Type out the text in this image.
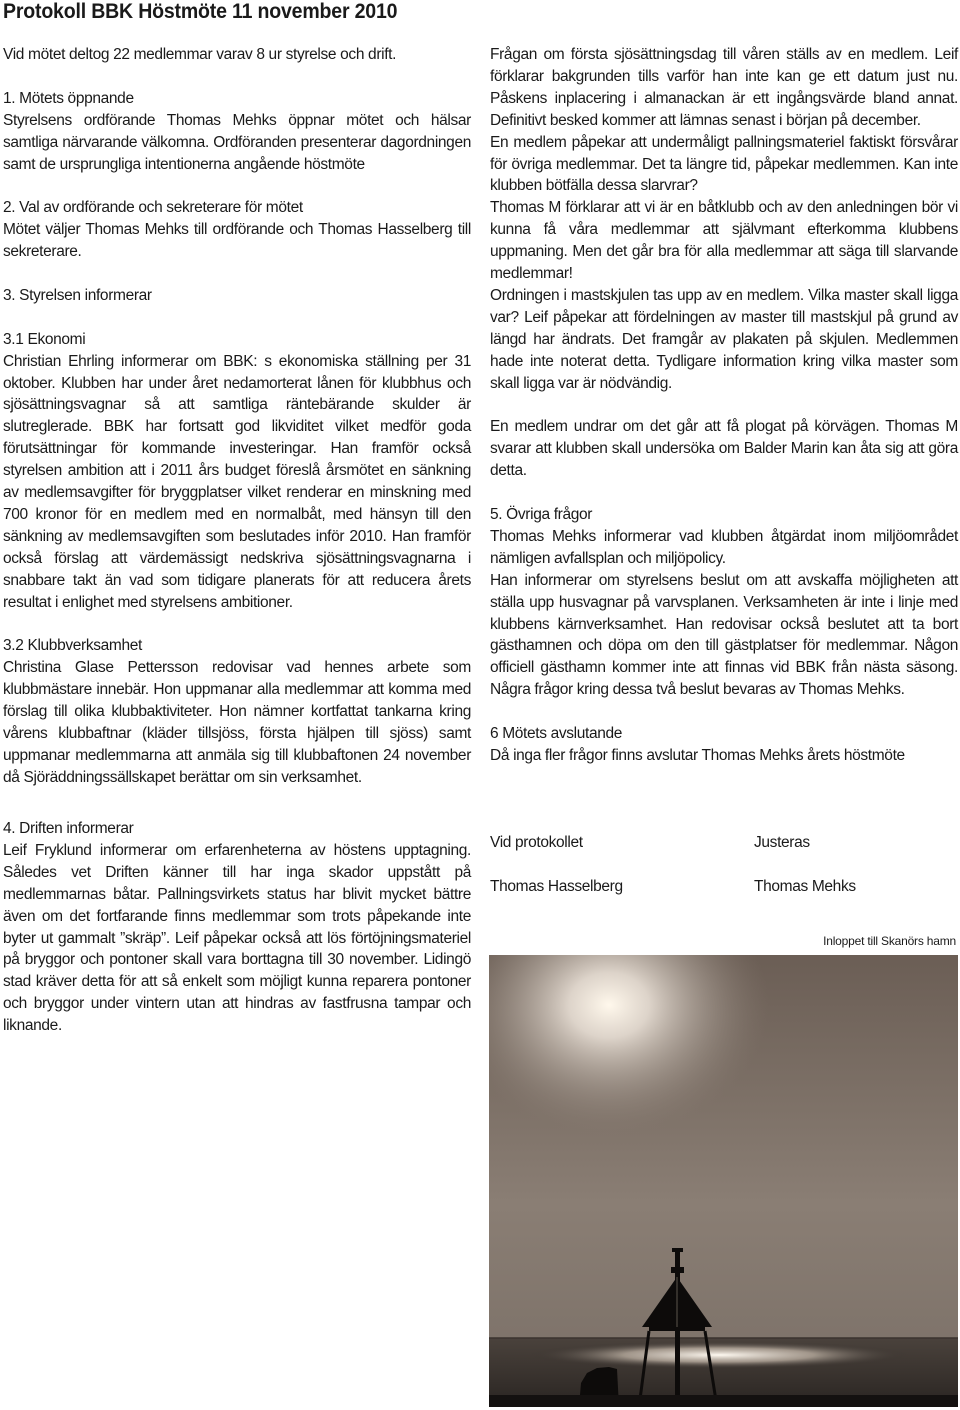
Protokoll BBK Höstmöte 11 november 2010

Vid mötet deltog 22 medlemmar varav 8 ur styrelse och drift.

1. Mötets öppnande

Styrelsens ordförande Thomas Mehks öppnar mötet och hälsar samtliga närvarande välkomna. Ordföranden presenterar dagordningen samt de ursprungliga intentionerna angående höstmöte

2. Val av ordförande och sekreterare för mötet

Mötet väljer Thomas Mehks till ordförande och Thomas Hasselberg till sekreterare.

3. Styrelsen informerar

3.1 Ekonomi

Christian Ehrling informerar om BBK: s ekonomiska ställning per 31 oktober. Klubben har under året nedamorterat lånen för klubbhus och sjösättningsvagnar så att samtliga räntebärande skulder är slutreglerade. BBK har fortsatt god likviditet vilket medför goda förutsättningar för kommande investeringar. Han framför också styrelsen ambition att i 2011 års budget föreslå årsmötet en sänkning av medlemsavgifter för bryggplatser vilket renderar en minskning med 700 kronor för en medlem med en normalbåt, med hänsyn till den sänkning av medlemsavgiften som beslutades inför 2010. Han framför också förslag att värdemässigt nedskriva sjösättningsvagnarna i snabbare takt än vad som tidigare planerats för att reducera årets resultat i enlighet med styrelsens ambitioner.

3.2 Klubbverksamhet

Christina Glase Pettersson redovisar vad hennes arbete som klubbmästare innebär. Hon uppmanar alla medlemmar att komma med förslag till olika klubbaktiviteter. Hon nämner kortfattat tankarna kring vårens klubbaftnar (kläder tillsjöss, första hjälpen till sjöss) samt uppmanar medlemmarna att anmäla sig till klubbaftonen 24 november då Sjöräddningssällskapet berättar om sin verksamhet.

4. Driften informerar

Leif Fryklund informerar om erfarenheterna av höstens upptagning. Således vet Driften känner till har inga skador uppstått på medlemmarnas båtar. Pallningsvirkets status har blivit mycket bättre även om det fortfarande finns medlemmar som trots påpekande inte byter ut gammalt ”skräp”. Leif påpekar också att lös förtöjningsmateriel på bryggor och pontoner skall vara borttagna till 30 november. Lidingö stad kräver detta för att så enkelt som möjligt kunna reparera pontoner och bryggor under vintern utan att hindras av fastfrusna tampar och liknande.

Frågan om första sjösättningsdag till våren ställs av en medlem. Leif förklarar bakgrunden tills varför han inte kan ge ett datum just nu. Påskens inplacering i almanackan är ett ingångsvärde bland annat. Definitivt besked kommer att lämnas senast i början på december.

En medlem påpekar att undermåligt pallningsmateriel faktiskt försvårar för övriga medlemmar. Det ta längre tid, påpekar medlemmen. Kan inte klubben bötfälla dessa slarvrar?

Thomas M förklarar att vi är en båtklubb och av den anledningen bör vi kunna få våra medlemmar att självmant efterkomma klubbens uppmaning. Men det går bra för alla medlemmar att säga till slarvande medlemmar!

Ordningen i mastskjulen tas upp av en medlem. Vilka master skall ligga var? Leif påpekar att fördelningen av master till mastskjul på grund av längd har ändrats. Det framgår av plakaten på skjulen. Medlemmen hade inte noterat detta. Tydligare information kring vilka master som skall ligga var är nödvändig.

En medlem undrar om det går att få plogat på körvägen. Thomas M svarar att klubben skall undersöka om Balder Marin kan åta sig att göra detta.

5. Övriga frågor

Thomas Mehks informerar vad klubben åtgärdat inom miljöområdet nämligen avfallsplan och miljöpolicy.

Han informerar om styrelsens beslut om att avskaffa möjligheten att ställa upp husvagnar på varvsplanen. Verksamheten är inte i linje med klubbens kärnverksamhet. Han redovisar också beslutet att ta bort gästhamnen och döpa om den till gästplatser för medlemmar. Någon officiell gästhamn kommer inte att finnas vid BBK från nästa säsong. Några frågor kring dessa två beslut bevaras av Thomas Mehks.

6 Mötets avslutande

Då inga fler frågor finns avslutar Thomas Mehks årets höstmöte

Vid protokollet	Justeras
Thomas Hasselberg	Thomas Mehks
Inloppet till Skanörs hamn
